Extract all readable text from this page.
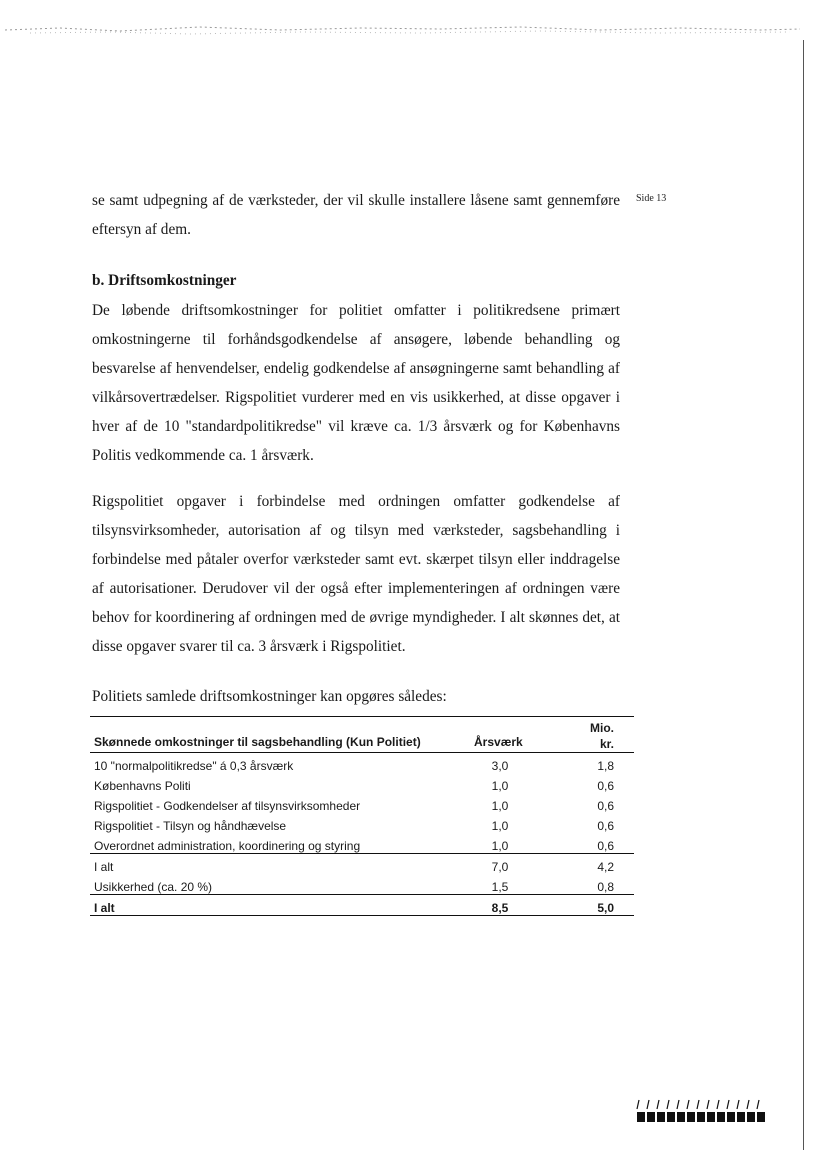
Side 13

se samt udpegning af de værksteder, der vil skulle installere låsene samt gennemføre eftersyn af dem.

b. Driftsomkostninger

De løbende driftsomkostninger for politiet omfatter i politikredsene primært omkostningerne til forhåndsgodkendelse af ansøgere, løbende behandling og besvarelse af henvendelser, endelig godkendelse af ansøgningerne samt behandling af vilkårsovertrædelser. Rigspolitiet vurderer med en vis usikkerhed, at disse opgaver i hver af de 10 "standardpolitikredse" vil kræve ca. 1/3 årsværk og for Københavns Politis vedkommende ca. 1 årsværk.

Rigspolitiet opgaver i forbindelse med ordningen omfatter godkendelse af tilsynsvirksomheder, autorisation af og tilsyn med værksteder, sagsbehandling i forbindelse med påtaler overfor værksteder samt evt. skærpet tilsyn eller inddragelse af autorisationer. Derudover vil der også efter implementeringen af ordningen være behov for koordinering af ordningen med de øvrige myndigheder. I alt skønnes det, at disse opgaver svarer til ca. 3 årsværk i Rigspolitiet.

Politiets samlede driftsomkostninger kan opgøres således:

Skønnede omkostninger til sagsbehandling (Kun Politiet)	Årsværk	Mio.
kr.
10 "normalpolitikredse" á 0,3 årsværk	3,0	1,8
Københavns Politi	1,0	0,6
Rigspolitiet - Godkendelser af tilsynsvirksomheder	1,0	0,6
Rigspolitiet - Tilsyn og håndhævelse	1,0	0,6
Overordnet administration, koordinering og styring	1,0	0,6
I alt	7,0	4,2
Usikkerhed (ca. 20 %)	1,5	0,8
I alt	8,5	5,0
